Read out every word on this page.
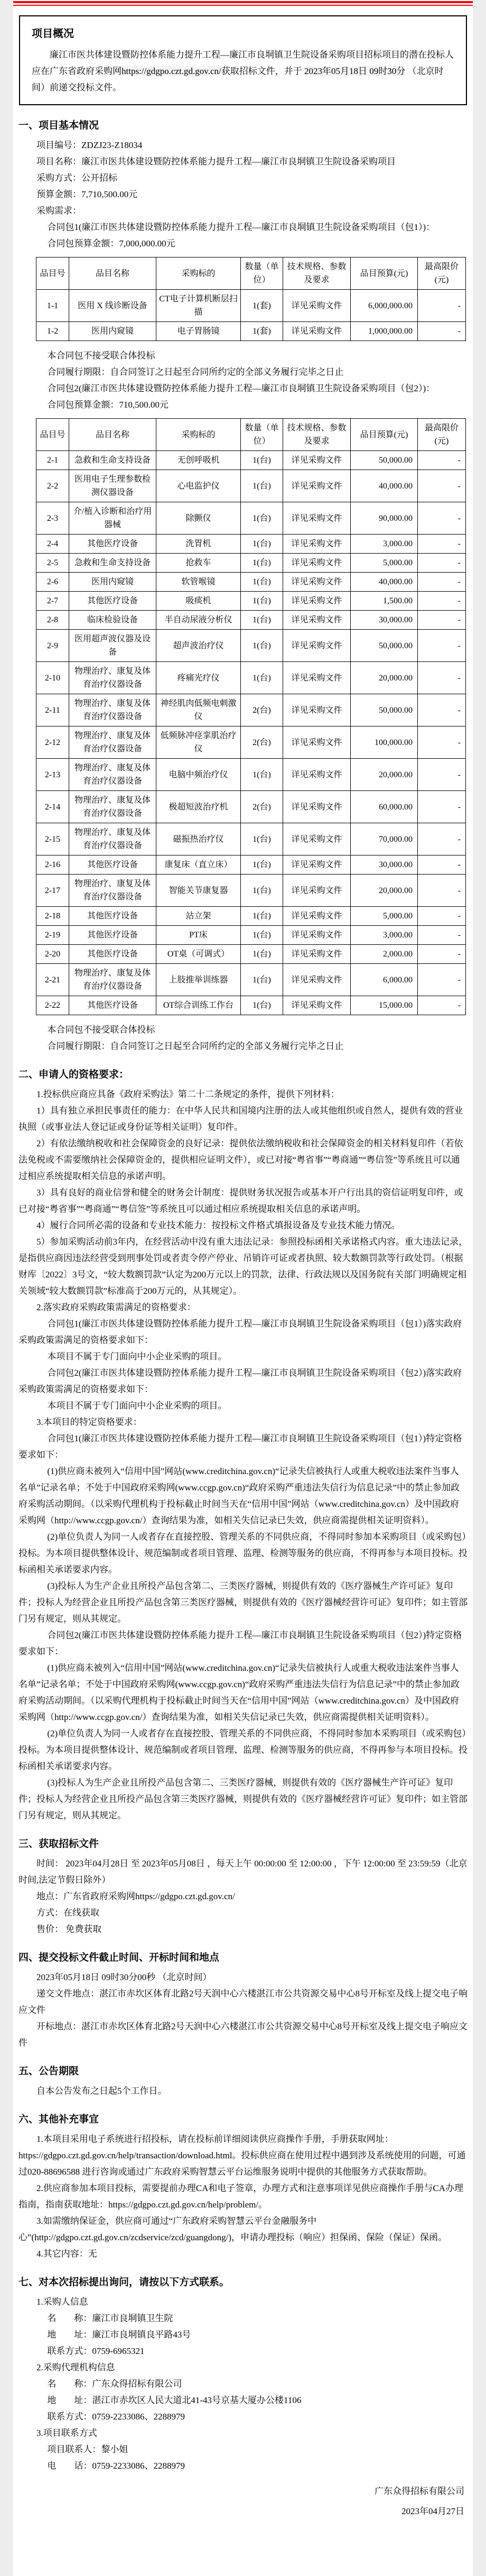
项目概况

廉江市医共体建设暨防控体系能力提升工程—廉江市良垌镇卫生院设备采购项目招标项目的潜在投标人应在广东省政府采购网https://gdgpo.czt.gd.gov.cn/获取招标文件，并于 2023年05月18日 09时30分 （北京时间）前递交投标文件。

一、项目基本情况

项目编号：ZDZJ23-Z18034

项目名称：廉江市医共体建设暨防控体系能力提升工程—廉江市良垌镇卫生院设备采购项目

采购方式：公开招标

预算金额：7,710,500.00元

采购需求：

合同包1(廉江市医共体建设暨防控体系能力提升工程—廉江市良垌镇卫生院设备采购项目（包1）)：

合同包预算金额：7,000,000.00元

品目号	品目名称	采购标的	数量（单位）	技术规格、参数及要求	品目预算(元)	最高限价(元)
1-1	医用 X 线诊断设备	CT电子计算机断层扫描	1(套)	详见采购文件	6,000,000.00	-
1-2	医用内窥镜	电子胃肠镜	1(套)	详见采购文件	1,000,000.00	-

本合同包不接受联合体投标

合同履行期限：自合同签订之日起至合同所约定的全部义务履行完毕之日止

合同包2(廉江市医共体建设暨防控体系能力提升工程—廉江市良垌镇卫生院设备采购项目（包2）)：

合同包预算金额：710,500.00元

品目号	品目名称	采购标的	数量（单位）	技术规格、参数及要求	品目预算(元)	最高限价(元)
2-1	急救和生命支持设备	无创呼吸机	1(台)	详见采购文件	50,000.00	-
2-2	医用电子生理参数检测仪器设备	心电监护仪	1(台)	详见采购文件	40,000.00	-
2-3	介/植入诊断和治疗用器械	除颤仪	1(台)	详见采购文件	90,000.00	-
2-4	其他医疗设备	洗胃机	1(台)	详见采购文件	3,000.00	-
2-5	急救和生命支持设备	抢救车	1(台)	详见采购文件	5,000.00	-
2-6	医用内窥镜	软管喉镜	1(台)	详见采购文件	40,000.00	-
2-7	其他医疗设备	吸痰机	1(台)	详见采购文件	1,500.00	-
2-8	临床检验设备	半自动尿液分析仪	1(台)	详见采购文件	30,000.00	-
2-9	医用超声波仪器及设备	超声波治疗仪	1(台)	详见采购文件	50,000.00	-
2-10	物理治疗、康复及体育治疗仪器设备	疼痛光疗仪	1(台)	详见采购文件	20,000.00	-
2-11	物理治疗、康复及体育治疗仪器设备	神经肌肉低频电刺激仪	2(台)	详见采购文件	50,000.00	-
2-12	物理治疗、康复及体育治疗仪器设备	低频脉冲痉挛肌治疗仪	2(台)	详见采购文件	100,000.00	-
2-13	物理治疗、康复及体育治疗仪器设备	电脑中频治疗仪	1(台)	详见采购文件	20,000.00	-
2-14	物理治疗、康复及体育治疗仪器设备	极超短波治疗机	2(台)	详见采购文件	60,000.00	-
2-15	物理治疗、康复及体育治疗仪器设备	磁振热治疗仪	1(台)	详见采购文件	70,000.00	-
2-16	其他医疗设备	康复床（直立床）	1(台)	详见采购文件	30,000.00	-
2-17	物理治疗、康复及体育治疗仪器设备	智能关节康复器	1(台)	详见采购文件	20,000.00	-
2-18	其他医疗设备	站立架	1(台)	详见采购文件	5,000.00	-
2-19	其他医疗设备	PT床	1(台)	详见采购文件	3,000.00	-
2-20	其他医疗设备	OT桌（可调式）	1(台)	详见采购文件	2,000.00	-
2-21	物理治疗、康复及体育治疗仪器设备	上肢推举训练器	1(台)	详见采购文件	6,000.00	-
2-22	其他医疗设备	OT综合训练工作台	1(台)	详见采购文件	15,000.00	-

本合同包不接受联合体投标

合同履行期限：自合同签订之日起至合同所约定的全部义务履行完毕之日止

二、申请人的资格要求：

1.投标供应商应具备《政府采购法》第二十二条规定的条件，提供下列材料：

1）具有独立承担民事责任的能力：在中华人民共和国境内注册的法人或其他组织或自然人，提供有效的营业执照（或事业法人登记证或身份证等相关证明）复印件。

2）有依法缴纳税收和社会保障资金的良好记录：提供依法缴纳税收和社会保障资金的相关材料复印件（若依法免税或不需要缴纳社会保障资金的，提供相应证明文件），或已对接“粤省事”“粤商通”“粤信签”等系统且可以通过相应系统提取相关信息的承诺声明。

3）具有良好的商业信誉和健全的财务会计制度：提供财务状况报告或基本开户行出具的资信证明复印件，或已对接“粤省事”“粤商通”“粤信签”等系统且可以通过相应系统提取相关信息的承诺声明。

4）履行合同所必需的设备和专业技术能力：按投标文件格式填报设备及专业技术能力情况。

5）参加采购活动前3年内，在经营活动中没有重大违法记录：参照投标函相关承诺格式内容。重大违法记录，是指供应商因违法经营受到刑事处罚或者责令停产停业、吊销许可证或者执照、较大数额罚款等行政处罚。（根据财库〔2022〕3号文，“较大数额罚款”认定为200万元以上的罚款，法律、行政法规以及国务院有关部门明确规定相关领域“较大数额罚款”标准高于200万元的，从其规定）。

2.落实政府采购政策需满足的资格要求：

合同包1(廉江市医共体建设暨防控体系能力提升工程—廉江市良垌镇卫生院设备采购项目（包1）)落实政府采购政策需满足的资格要求如下：

本项目不属于专门面向中小企业采购的项目。

合同包2(廉江市医共体建设暨防控体系能力提升工程—廉江市良垌镇卫生院设备采购项目（包2）)落实政府采购政策需满足的资格要求如下：

本项目不属于专门面向中小企业采购的项目。

3.本项目的特定资格要求：

合同包1(廉江市医共体建设暨防控体系能力提升工程—廉江市良垌镇卫生院设备采购项目（包1）)特定资格要求如下：

(1)供应商未被列入“信用中国”网站(www.creditchina.gov.cn)“记录失信被执行人或重大税收违法案件当事人名单”记录名单；不处于中国政府采购网(www.ccgp.gov.cn)“政府采购严重违法失信行为信息记录”中的禁止参加政府采购活动期间。（以采购代理机构于投标截止时间当天在“信用中国”网站（www.creditchina.gov.cn）及中国政府采购网（http://www.ccgp.gov.cn/）查询结果为准，如相关失信记录已失效，供应商需提供相关证明资料）。

(2)单位负责人为同一人或者存在直接控股、管理关系的不同供应商，不得同时参加本采购项目（或采购包）投标。为本项目提供整体设计、规范编制或者项目管理、监理、检测等服务的供应商，不得再参与本项目投标。投标函相关承诺要求内容。

(3)投标人为生产企业且所投产品包含第二、三类医疗器械，则提供有效的《医疗器械生产许可证》复印件；投标人为经营企业且所投产品包含第三类医疗器械，则提供有效的《医疗器械经营许可证》复印件；如主管部门另有规定，则从其规定。

合同包2(廉江市医共体建设暨防控体系能力提升工程—廉江市良垌镇卫生院设备采购项目（包2）)特定资格要求如下：

(1)供应商未被列入“信用中国”网站(www.creditchina.gov.cn)“记录失信被执行人或重大税收违法案件当事人名单”记录名单；不处于中国政府采购网(www.ccgp.gov.cn)“政府采购严重违法失信行为信息记录”中的禁止参加政府采购活动期间。（以采购代理机构于投标截止时间当天在“信用中国”网站（www.creditchina.gov.cn）及中国政府采购网（http://www.ccgp.gov.cn/）查询结果为准，如相关失信记录已失效，供应商需提供相关证明资料）。

(2)单位负责人为同一人或者存在直接控股、管理关系的不同供应商，不得同时参加本采购项目（或采购包）投标。为本项目提供整体设计、规范编制或者项目管理、监理、检测等服务的供应商，不得再参与本项目投标。投标函相关承诺要求内容。

(3)投标人为生产企业且所投产品包含第二、三类医疗器械，则提供有效的《医疗器械生产许可证》复印件；投标人为经营企业且所投产品包含第三类医疗器械，则提供有效的《医疗器械经营许可证》复印件；如主管部门另有规定，则从其规定。

三、获取招标文件

时间： 2023年04月28日 至 2023年05月08日 ，每天上午 00:00:00 至 12:00:00 ，下午 12:00:00 至 23:59:59（北京时间,法定节假日除外）

地点：广东省政府采购网https://gdgpo.czt.gd.gov.cn/

方式：在线获取

售价： 免费获取

四、提交投标文件截止时间、开标时间和地点

2023年05月18日 09时30分00秒 （北京时间）

递交文件地点：湛江市赤坎区体育北路2号天润中心六楼湛江市公共资源交易中心8号开标室及线上提交电子响应文件

开标地点：湛江市赤坎区体育北路2号天润中心六楼湛江市公共资源交易中心8号开标室及线上提交电子响应文件

五、公告期限

自本公告发布之日起5个工作日。

六、其他补充事宜

1.本项目采用电子系统进行招投标，请在投标前详细阅读供应商操作手册，手册获取网址：https://gdgpo.czt.gd.gov.cn/help/transaction/download.html。投标供应商在使用过程中遇到涉及系统使用的问题，可通过020-88696588 进行咨询或通过广东政府采购智慧云平台运维服务说明中提供的其他服务方式获取帮助。

2.供应商参加本项目投标，需要提前办理CA和电子签章，办理方式和注意事项详见供应商操作手册与CA办理指南，指南获取地址：https://gdgpo.czt.gd.gov.cn/help/problem/。

3.如需缴纳保证金，供应商可通过“广东政府采购智慧云平台金融服务中心”(http://gdgpo.czt.gd.gov.cn/zcdservice/zcd/guangdong/)，申请办理投标（响应）担保函、保险（保证）保函。

4.其它内容：无

七、对本次招标提出询问，请按以下方式联系。

1.采购人信息

名　　称：廉江市良垌镇卫生院

地　　址：廉江市良垌镇良平路43号

联系方式：0759-6965321

2.采购代理机构信息

名　　称：广东众得招标有限公司

地　　址：湛江市赤坎区人民大道北41-43号京基大厦办公楼1106

联系方式：0759-2233086、2288979

3.项目联系方式

项目联系人：黎小姐

电　　话：0759-2233086、2288979

广东众得招标有限公司
2023年04月27日
